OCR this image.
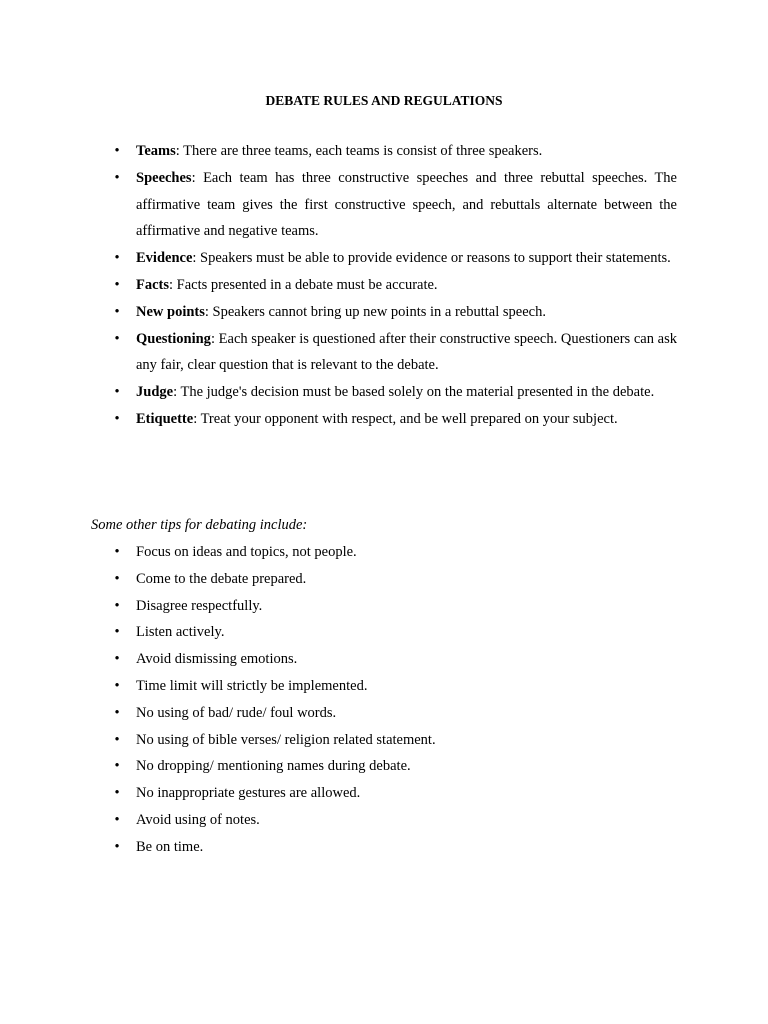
DEBATE RULES AND REGULATIONS
• Teams: There are three teams, each teams is consist of three speakers.
• Speeches: Each team has three constructive speeches and three rebuttal speeches. The affirmative team gives the first constructive speech, and rebuttals alternate between the affirmative and negative teams.
• Evidence: Speakers must be able to provide evidence or reasons to support their statements.
• Facts: Facts presented in a debate must be accurate.
• New points: Speakers cannot bring up new points in a rebuttal speech.
• Questioning: Each speaker is questioned after their constructive speech. Questioners can ask any fair, clear question that is relevant to the debate.
• Judge: The judge's decision must be based solely on the material presented in the debate.
• Etiquette: Treat your opponent with respect, and be well prepared on your subject.
Some other tips for debating include:
• Focus on ideas and topics, not people.
• Come to the debate prepared.
• Disagree respectfully.
• Listen actively.
• Avoid dismissing emotions.
• Time limit will strictly be implemented.
• No using of bad/ rude/ foul words.
• No using of bible verses/ religion related statement.
• No dropping/ mentioning names during debate.
• No inappropriate gestures are allowed.
• Avoid using of notes.
• Be on time.
